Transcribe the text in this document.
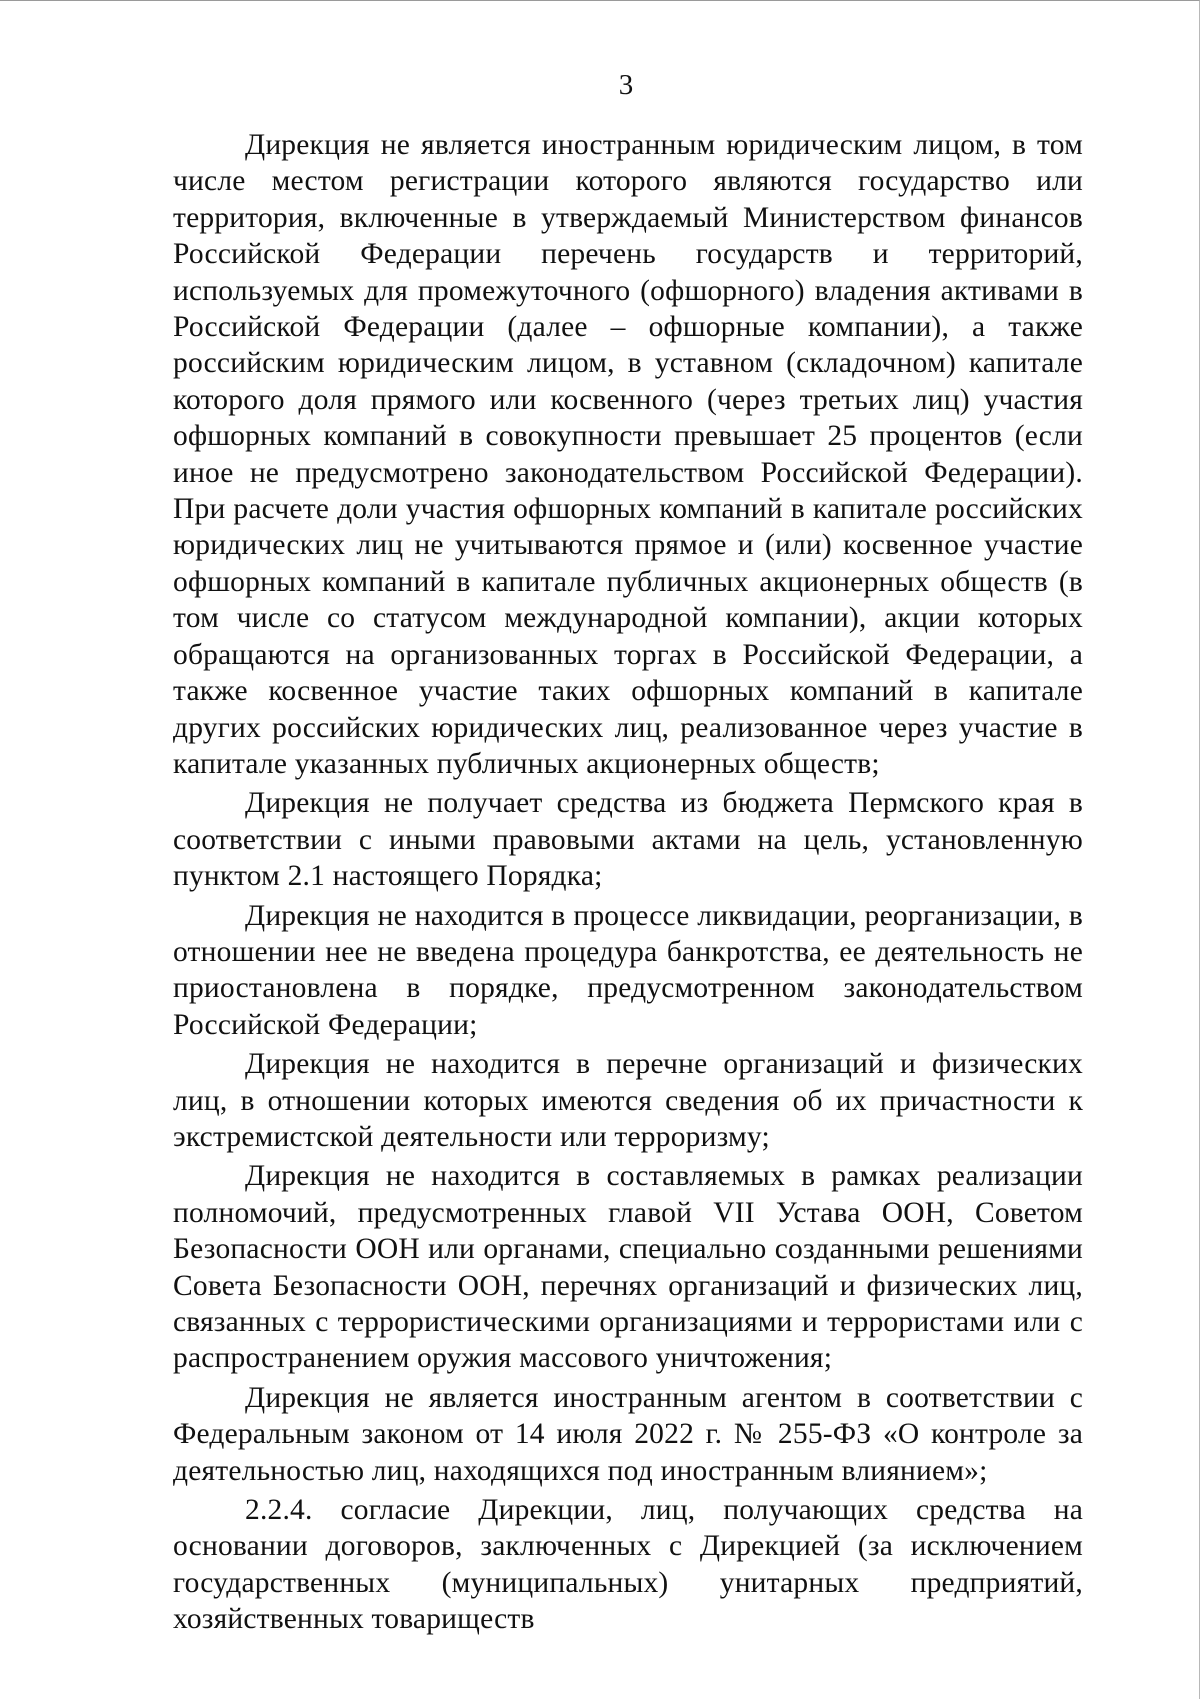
3

Дирекция не является иностранным юридическим лицом, в том числе местом регистрации которого являются государство или территория, включенные в утверждаемый Министерством финансов Российской Федерации перечень государств и территорий, используемых для промежуточного (офшорного) владения активами в Российской Федерации (далее – офшорные компании), а также российским юридическим лицом, в уставном (складочном) капитале которого доля прямого или косвенного (через третьих лиц) участия офшорных компаний в совокупности превышает 25 процентов (если иное не предусмотрено законодательством Российской Федерации). При расчете доли участия офшорных компаний в капитале российских юридических лиц не учитываются прямое и (или) косвенное участие офшорных компаний в капитале публичных акционерных обществ (в том числе со статусом международной компании), акции которых обращаются на организованных торгах в Российской Федерации, а также косвенное участие таких офшорных компаний в капитале других российских юридических лиц, реализованное через участие в капитале указанных публичных акционерных обществ;

Дирекция не получает средства из бюджета Пермского края в соответствии с иными правовыми актами на цель, установленную пунктом 2.1 настоящего Порядка;

Дирекция не находится в процессе ликвидации, реорганизации, в отношении нее не введена процедура банкротства, ее деятельность не приостановлена в порядке, предусмотренном законодательством Российской Федерации;

Дирекция не находится в перечне организаций и физических лиц, в отношении которых имеются сведения об их причастности к экстремистской деятельности или терроризму;

Дирекция не находится в составляемых в рамках реализации полномочий, предусмотренных главой VII Устава ООН, Советом Безопасности ООН или органами, специально созданными решениями Совета Безопасности ООН, перечнях организаций и физических лиц, связанных с террористическими организациями и террористами или с распространением оружия массового уничтожения;

Дирекция не является иностранным агентом в соответствии с Федеральным законом от 14 июля 2022 г. № 255-ФЗ «О контроле за деятельностью лиц, находящихся под иностранным влиянием»;

2.2.4. согласие Дирекции, лиц, получающих средства на основании договоров, заключенных с Дирекцией (за исключением государственных (муниципальных) унитарных предприятий, хозяйственных товариществ
